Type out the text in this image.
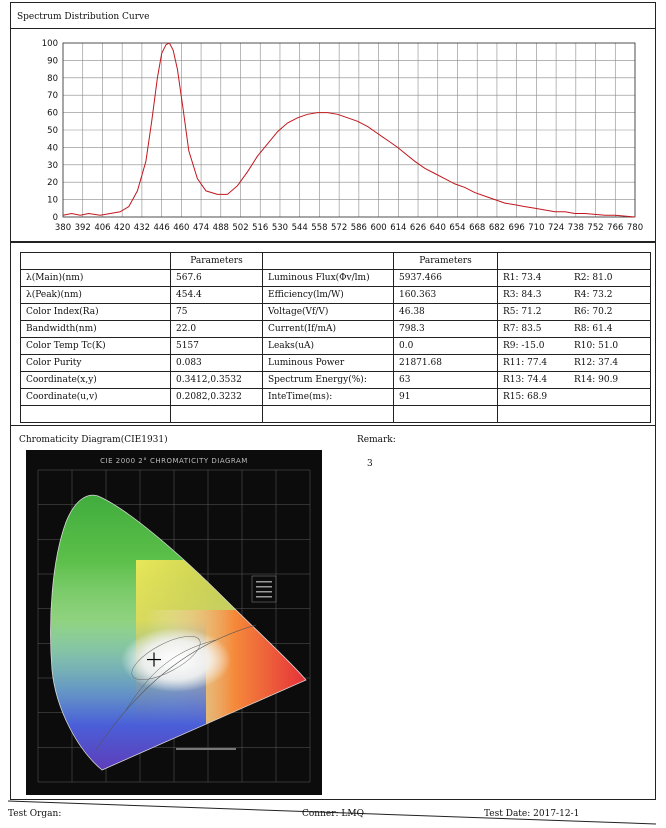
Spectrum Distribution Curve
0
10
20
30
40
50
60
70
80
90
100
380 392 406 420 432 446 460 474 488 502 516 530 544 558 572 586 600 614 626 640 654 668 682 696 710 724 738 752 766 780
	Parameters		Parameters	
λ(Main)(nm)	567.6	Luminous Flux(Φv/lm)	5937.466	R1: 73.4 R2: 81.0

λ(Peak)(nm)	454.4	Efficiency(lm/W)	160.363	R3: 84.3 R4: 73.2

Color Index(Ra)	75	Voltage(Vf/V)	46.38	R5: 71.2 R6: 70.2

Bandwidth(nm)	22.0	Current(If/mA)	798.3	R7: 83.5 R8: 61.4

Color Temp Tc(K)	5157	Leaks(uA)	0.0	R9: -15.0 R10: 51.0

Color Purity	0.083	Luminous Power	21871.68	R11: 77.4 R12: 37.4

Coordinate(x,y)	0.3412,0.3532	Spectrum Energy(%):	63	R13: 74.4 R14: 90.9

Coordinate(u,v)	0.2082,0.3232	InteTime(ms):	91	R15: 68.9

CIE 2000 2° CHROMATICITY DIAGRAM
Chromaticity Diagram(CIE1931)	Remark:
3
Test Organ:	Conner: LMQ	Test Date: 2017-12-1
